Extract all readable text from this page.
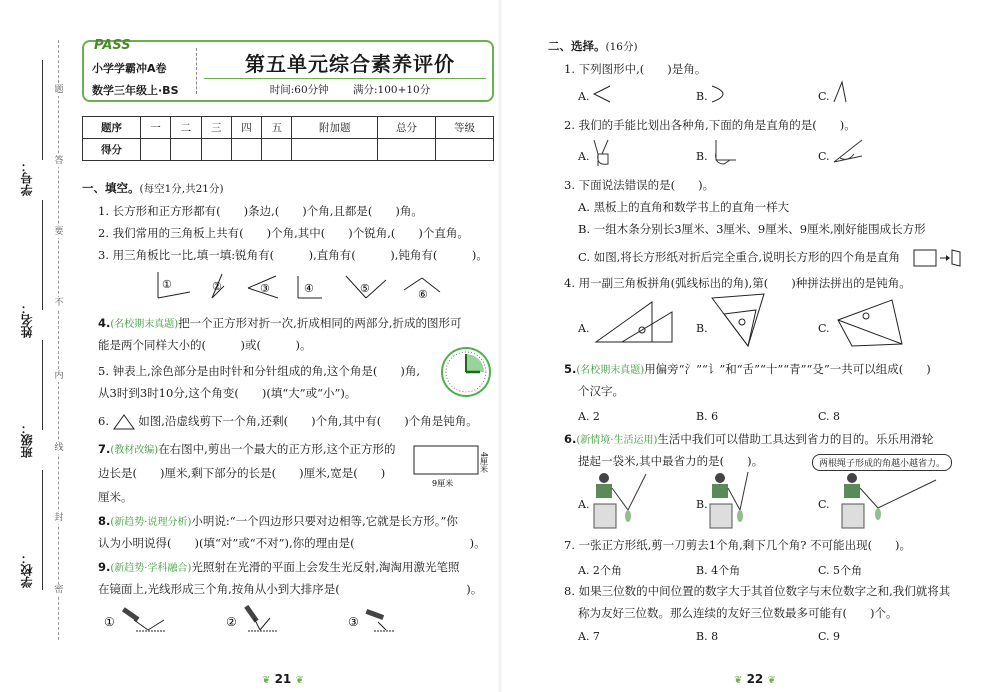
题
答
要
不
内
线
封
密
学校：
班级：
姓名：
学号：
PASS
小学学霸冲A卷
数学三年级上·BS
第五单元综合素养评价
时间:60分钟　　 满分:100+10分
题序	一	二	三	四	五	附加题	总分	等级
得分								
一、填空。(每空1分,共21分)
1. 长方形和正方形都有(　　)条边,(　　)个角,且都是(　　)角。
2. 我们常用的三角板上共有(　　)个角,其中(　　)个锐角,(　　)个直角。
3. 用三角板比一比,填一填:锐角有(　　　),直角有(　　　),钝角有(　　　)。
①	②	③	④	⑤	⑥
4.(名校期末真题)把一个正方形对折一次,折成相同的两部分,折成的图形可
能是两个同样大小的(　　　)或(　　　)。
5. 钟表上,涂色部分是由时针和分针组成的角,这个角是(　　)角,
从3时到3时10分,这个角变(　　)(填“大”或“小”)。
6.	如图,沿虚线剪下一个角,还剩(　　)个角,其中有(　　)个角是钝角。
7.(教材改编)在右图中,剪出一个最大的正方形,这个正方形的
边长是(　　)厘米,剩下部分的长是(　　)厘米,宽是(　　)
厘米。
9厘米
4厘米
8.(新趋势·说理分析)小明说:“一个四边形只要对边相等,它就是长方形。”你
认为小明说得(　　)(填“对”或“不对”),你的理由是(　　　　　　　　　　)。
9.(新趋势·学科融合)光照射在光滑的平面上会发生光反射,淘淘用激光笔照
在镜面上,光线形成三个角,按角从小到大排序是(　　　　　　　　　　　)。
①	②	③
❦ 21 ❦
二、选择。(16分)
1. 下列图形中,(　　)是角。
A.	B.	C.
2. 我们的手能比划出各种角,下面的角是直角的是(　　)。
A.	B.	C.
3. 下面说法错误的是(　　)。
A. 黑板上的直角和数学书上的直角一样大
B. 一组木条分别长3厘米、3厘米、9厘米、9厘米,刚好能围成长方形
C. 如图,将长方形纸对折后完全重合,说明长方形的四个角是直角
4. 用一副三角板拼角(弧线标出的角),第(　　)种拼法拼出的是钝角。
A.	B.	C.
5.(名校期末真题)用偏旁“氵”“讠”和“舌”“十”“青”“殳”一共可以组成(　　)
个汉字。
A. 2	B. 6	C. 8
6.(新情境·生活运用)生活中我们可以借助工具达到省力的目的。乐乐用滑轮
提起一袋米,其中最省力的是(　　)。	两根绳子形成的角越小越省力。
A.	B.	C.
7. 一张正方形纸,剪一刀剪去1个角,剩下几个角? 不可能出现(　　)。
A. 2个角	B. 4个角	C. 5个角
8. 如果三位数的中间位置的数字大于其首位数字与末位数字之和,我们就将其
称为友好三位数。那么连续的友好三位数最多可能有(　　)个。
A. 7	B. 8	C. 9
❦ 22 ❦
